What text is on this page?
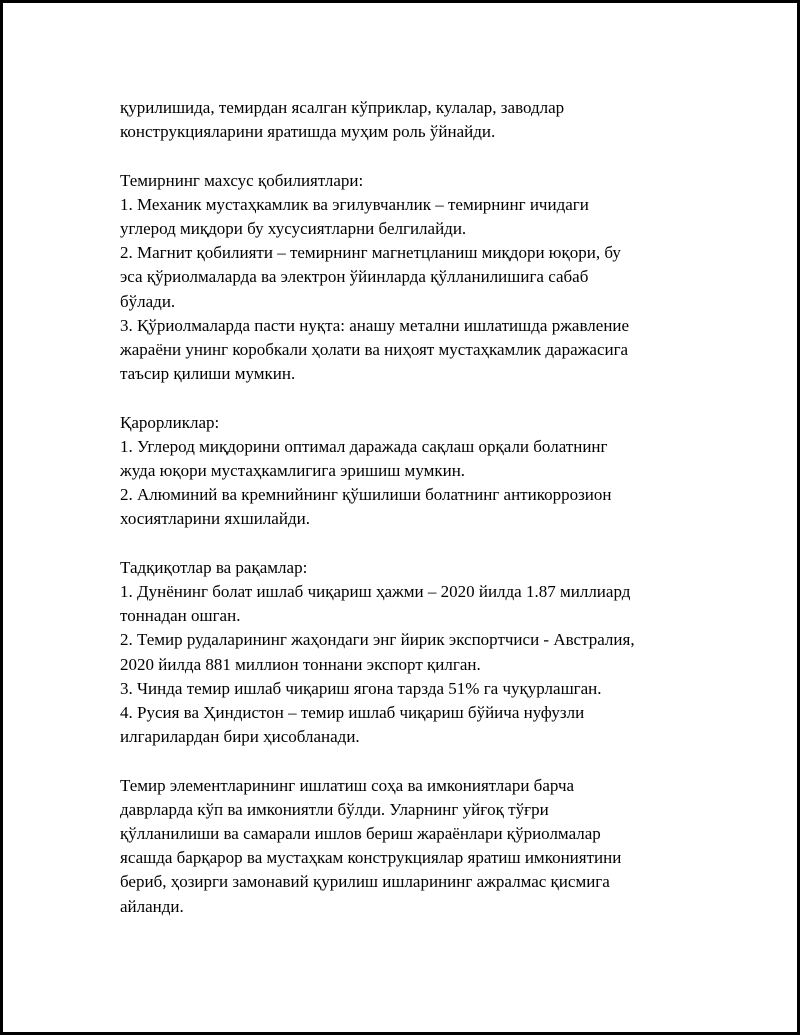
қурилишида, темирдан ясалган кўприклар, кулалар, заводлар
конструкцияларини яратишда муҳим роль ўйнайди.

Темирнинг махсус қобилиятлари:
1. Механик мустаҳкамлик ва эгилувчанлик – темирнинг ичидаги
углерод миқдори бу хусусиятларни белгилайди.
2. Магнит қобилияти – темирнинг магнетцланиш миқдори юқори, бу
эса қўриолмаларда ва электрон ўйинларда қўлланилишига сабаб
бўлади.
3. Қўриолмаларда пасти нуқта: анашу метални ишлатишда ржавление
жараёни унинг коробкали ҳолати ва ниҳоят мустаҳкамлик даражасига
таъсир қилиши мумкин.

Қарорликлар:
1. Углерод миқдорини оптимал даражада сақлаш орқали болатнинг
жуда юқори мустаҳкамлигига эришиш мумкин.
2. Алюминий ва кремнийнинг қўшилиши болатнинг антикоррозион
хосиятларини яхшилайди.

Тадқиқотлар ва рақамлар:
1. Дунёнинг болат ишлаб чиқариш ҳажми – 2020 йилда 1.87 миллиард
тоннадан ошган.
2. Темир рудаларининг жаҳондаги энг йирик экспортчиси - Австралия,
2020 йилда 881 миллион тоннани экспорт қилган.
3. Чинда темир ишлаб чиқариш ягона тарзда 51% га чуқурлашган.
4. Русия ва Ҳиндистон – темир ишлаб чиқариш бўйича нуфузли
илгарилардан бири ҳисобланади.

Темир элементларининг ишлатиш соҳа ва имкониятлари барча
даврларда кўп ва имкониятли бўлди. Уларнинг уйғоқ тўғри
қўлланилиши ва самарали ишлов бериш жараёнлари қўриолмалар
ясашда барқарор ва мустаҳкам конструкциялар яратиш имкониятини
бериб, ҳозирги замонавий қурилиш ишларининг ажралмас қисмига
айланди.
